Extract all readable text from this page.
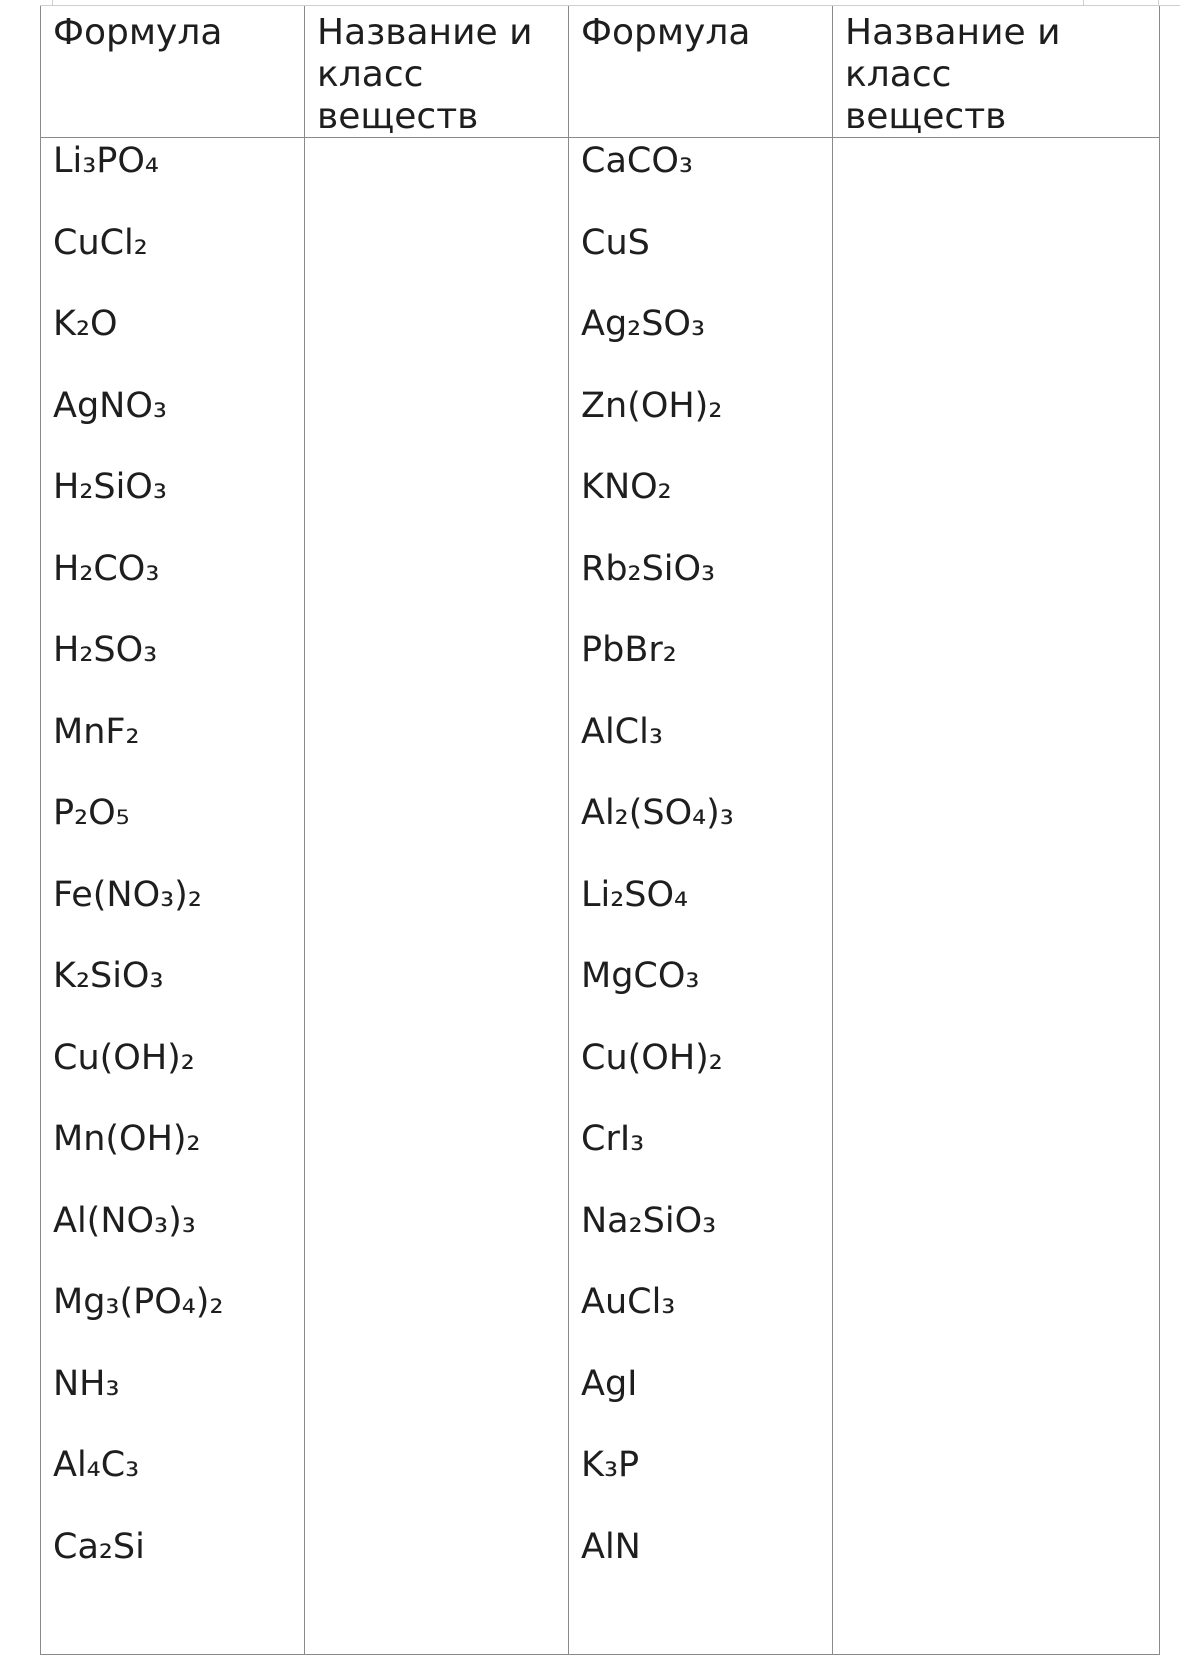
Формула	Название и
класс
веществ
Формула	Название и
класс
веществ
Li₃PO₄
CuCl₂
K₂O
AgNO₃
H₂SiO₃
H₂CO₃
H₂SO₃
MnF₂
P₂O₅
Fe(NO₃)₂
K₂SiO₃
Cu(OH)₂
Mn(OH)₂
Al(NO₃)₃
Mg₃(PO₄)₂
NH₃
Al₄C₃
Ca₂Si
CaCO₃
CuS
Ag₂SO₃
Zn(OH)₂
KNO₂
Rb₂SiO₃
PbBr₂
AlCl₃
Al₂(SO₄)₃
Li₂SO₄
MgCO₃
Cu(OH)₂
CrI₃
Na₂SiO₃
AuCl₃
AgI
K₃P
AlN
